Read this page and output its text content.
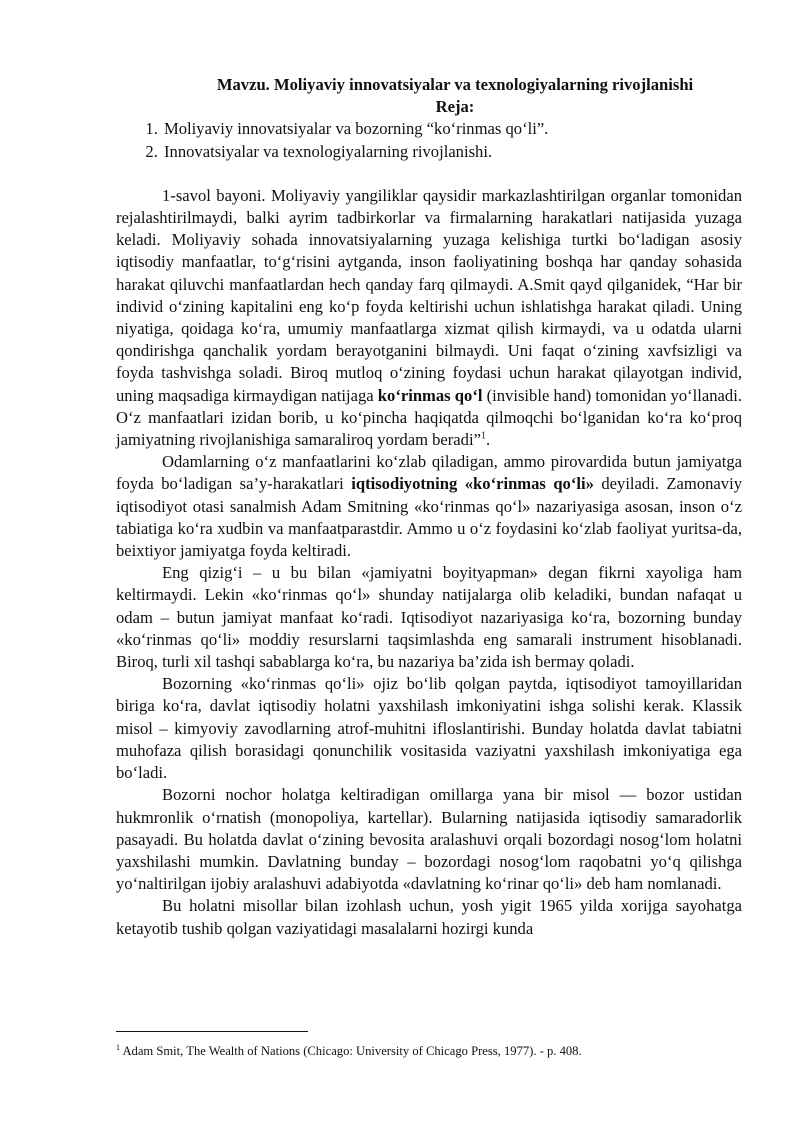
Mavzu. Moliyaviy innovatsiyalar va texnologiyalarning rivojlanishi

Reja:

1. Moliyaviy innovatsiyalar va bozorning “ko‘rinmas qo‘li”.
2. Innovatsiyalar va texnologiyalarning rivojlanishi.

1-savol bayoni. Moliyaviy yangiliklar qaysidir markazlashtirilgan organlar tomonidan rejalashtirilmaydi, balki ayrim tadbirkorlar va firmalarning harakatlari natijasida yuzaga keladi. Moliyaviy sohada innovatsiyalarning yuzaga kelishiga turtki bo‘ladigan asosiy iqtisodiy manfaatlar, to‘g‘risini aytganda, inson faoliyatining boshqa har qanday sohasida harakat qiluvchi manfaatlardan hech qanday farq qilmaydi. A.Smit qayd qilganidek, “Har bir individ o‘zining kapitalini eng ko‘p foyda keltirishi uchun ishlatishga harakat qiladi. Uning niyatiga, qoidaga ko‘ra, umumiy manfaatlarga xizmat qilish kirmaydi, va u odatda ularni qondirishga qanchalik yordam berayotganini bilmaydi. Uni faqat o‘zining xavfsizligi va foyda tashvishga soladi. Biroq mutloq o‘zining foydasi uchun harakat qilayotgan individ, uning maqsadiga kirmaydigan natijaga ko‘rinmas qo‘l (invisible hand) tomonidan yo‘llanadi. O‘z manfaatlari izidan borib, u ko‘pincha haqiqatda qilmoqchi bo‘lganidan ko‘ra ko‘proq jamiyatning rivojlanishiga samaraliroq yordam beradi”$^1$.

Odamlarning o‘z manfaatlarini ko‘zlab qiladigan, ammo pirovardida butun jamiyatga foyda bo‘ladigan sa’y-harakatlari iqtisodiyotning «ko‘rinmas qo‘li» deyiladi. Zamonaviy iqtisodiyot otasi sanalmish Adam Smitning «ko‘rinmas qo‘l» nazariyasiga asosan, inson o‘z tabiatiga ko‘ra xudbin va manfaatparastdir. Ammo u o‘z foydasini ko‘zlab faoliyat yuritsa-da, beixtiyor jamiyatga foyda keltiradi.

Eng qizig‘i – u bu bilan «jamiyatni boyityapman» degan fikrni xayoliga ham keltirmaydi. Lekin «ko‘rinmas qo‘l» shunday natijalarga olib keladiki, bundan nafaqat u odam – butun jamiyat manfaat ko‘radi. Iqtisodiyot nazariyasiga ko‘ra, bozorning bunday «ko‘rinmas qo‘li» moddiy resurslarni taqsimlashda eng samarali instrument hisoblanadi. Biroq, turli xil tashqi sabablarga ko‘ra, bu nazariya ba’zida ish bermay qoladi.

Bozorning «ko‘rinmas qo‘li» ojiz bo‘lib qolgan paytda, iqtisodiyot tamoyillaridan biriga ko‘ra, davlat iqtisodiy holatni yaxshilash imkoniyatini ishga solishi kerak. Klassik misol – kimyoviy zavodlarning atrof-muhitni ifloslantirishi. Bunday holatda davlat tabiatni muhofaza qilish borasidagi qonunchilik vositasida vaziyatni yaxshilash imkoniyatiga ega bo‘ladi.

Bozorni nochor holatga keltiradigan omillarga yana bir misol — bozor ustidan hukmronlik o‘rnatish (monopoliya, kartellar). Bularning natijasida iqtisodiy samaradorlik pasayadi. Bu holatda davlat o‘zining bevosita aralashuvi orqali bozordagi nosog‘lom holatni yaxshilashi mumkin. Davlatning bunday – bozordagi nosog‘lom raqobatni yo‘q qilishga yo‘naltirilgan ijobiy aralashuvi adabiyotda «davlatning ko‘rinar qo‘li» deb ham nomlanadi.

Bu holatni misollar bilan izohlash uchun, yosh yigit 1965 yilda xorijga sayohatga ketayotib tushib qolgan vaziyatidagi masalalarni hozirgi kunda

$^1$ Adam Smit, The Wealth of Nations (Chicago: University of Chicago Press, 1977). - p. 408.
